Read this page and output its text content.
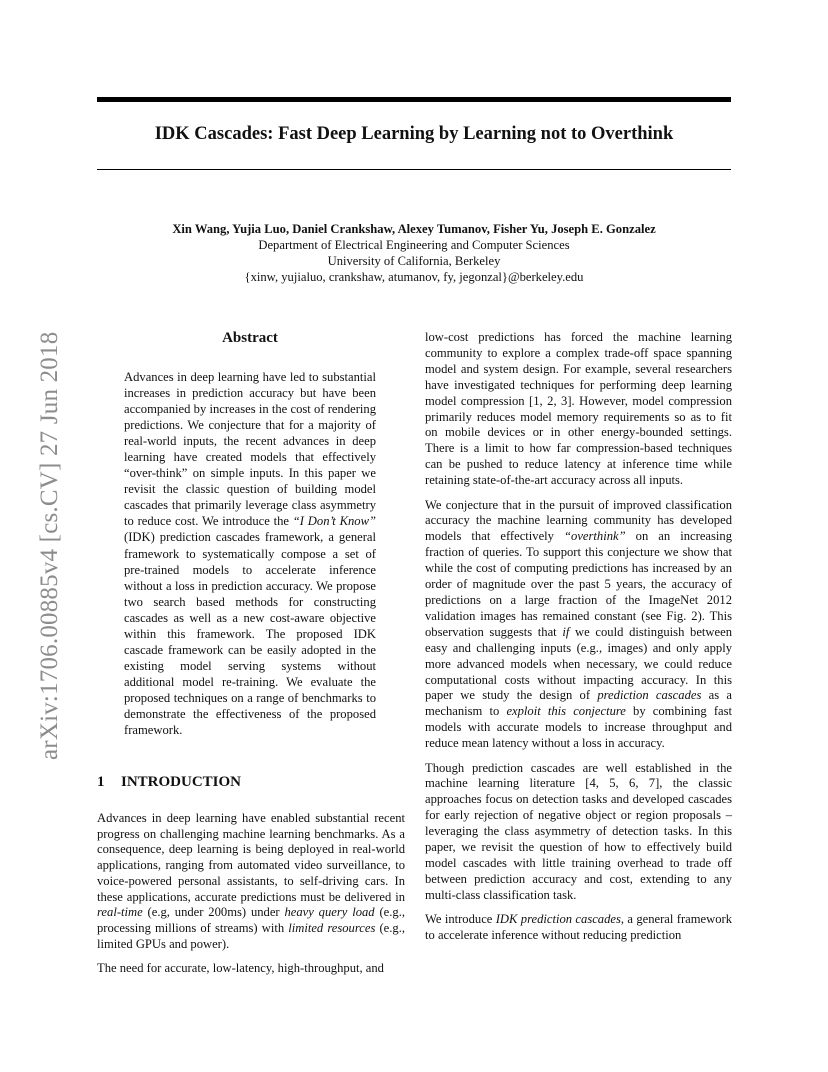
IDK Cascades: Fast Deep Learning by Learning not to Overthink
Xin Wang, Yujia Luo, Daniel Crankshaw, Alexey Tumanov, Fisher Yu, Joseph E. Gonzalez
Department of Electrical Engineering and Computer Sciences
University of California, Berkeley
{xinw, yujialuo, crankshaw, atumanov, fy, jegonzal}@berkeley.edu
arXiv:1706.00885v4 [cs.CV] 27 Jun 2018	Abstract
Advances in deep learning have led to substantial increases in prediction accuracy but have been accompanied by increases in the cost of rendering predictions. We conjecture that for a majority of real-world inputs, the recent advances in deep learning have created models that effectively “over-think” on simple inputs. In this paper we revisit the classic question of building model cascades that primarily leverage class asymmetry to reduce cost. We introduce the “I Don’t Know” (IDK) prediction cascades framework, a general framework to systematically compose a set of pre-trained models to accelerate inference without a loss in prediction accuracy. We propose two search based methods for constructing cascades as well as a new cost-aware objective within this framework. The proposed IDK cascade framework can be easily adopted in the existing model serving systems without additional model re-training. We evaluate the proposed techniques on a range of benchmarks to demonstrate the effectiveness of the proposed framework.
1 INTRODUCTION

Advances in deep learning have enabled substantial recent progress on challenging machine learning benchmarks. As a consequence, deep learning is being deployed in real-world applications, ranging from automated video surveillance, to voice-powered personal assistants, to self-driving cars. In these applications, accurate predictions must be delivered in real-time (e.g, under 200ms) under heavy query load (e.g., processing millions of streams) with limited resources (e.g., limited GPUs and power).

The need for accurate, low-latency, high-throughput, and

low-cost predictions has forced the machine learning community to explore a complex trade-off space spanning model and system design. For example, several researchers have investigated techniques for performing deep learning model compression [1, 2, 3]. However, model compression primarily reduces model memory requirements so as to fit on mobile devices or in other energy-bounded settings. There is a limit to how far compression-based techniques can be pushed to reduce latency at inference time while retaining state-of-the-art accuracy across all inputs.

We conjecture that in the pursuit of improved classification accuracy the machine learning community has developed models that effectively “overthink” on an increasing fraction of queries. To support this conjecture we show that while the cost of computing predictions has increased by an order of magnitude over the past 5 years, the accuracy of predictions on a large fraction of the ImageNet 2012 validation images has remained constant (see Fig. 2). This observation suggests that if we could distinguish between easy and challenging inputs (e.g., images) and only apply more advanced models when necessary, we could reduce computational costs without impacting accuracy. In this paper we study the design of prediction cascades as a mechanism to exploit this conjecture by combining fast models with accurate models to increase throughput and reduce mean latency without a loss in accuracy.

Though prediction cascades are well established in the machine learning literature [4, 5, 6, 7], the classic approaches focus on detection tasks and developed cascades for early rejection of negative object or region proposals – leveraging the class asymmetry of detection tasks. In this paper, we revisit the question of how to effectively build model cascades with little training overhead to trade off between prediction accuracy and cost, extending to any multi-class classification task.

We introduce IDK prediction cascades, a general framework to accelerate inference without reducing prediction
